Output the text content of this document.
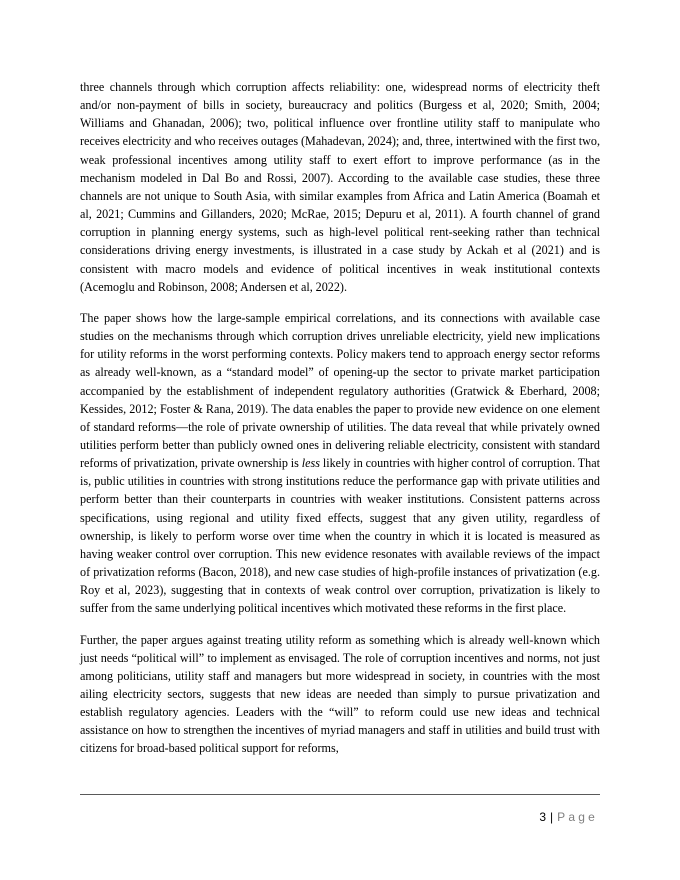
three channels through which corruption affects reliability: one, widespread norms of electricity theft and/or non-payment of bills in society, bureaucracy and politics (Burgess et al, 2020; Smith, 2004; Williams and Ghanadan, 2006); two, political influence over frontline utility staff to manipulate who receives electricity and who receives outages (Mahadevan, 2024); and, three, intertwined with the first two, weak professional incentives among utility staff to exert effort to improve performance (as in the mechanism modeled in Dal Bo and Rossi, 2007). According to the available case studies, these three channels are not unique to South Asia, with similar examples from Africa and Latin America (Boamah et al, 2021; Cummins and Gillanders, 2020; McRae, 2015; Depuru et al, 2011). A fourth channel of grand corruption in planning energy systems, such as high-level political rent-seeking rather than technical considerations driving energy investments, is illustrated in a case study by Ackah et al (2021) and is consistent with macro models and evidence of political incentives in weak institutional contexts (Acemoglu and Robinson, 2008; Andersen et al, 2022).

The paper shows how the large-sample empirical correlations, and its connections with available case studies on the mechanisms through which corruption drives unreliable electricity, yield new implications for utility reforms in the worst performing contexts. Policy makers tend to approach energy sector reforms as already well-known, as a “standard model” of opening-up the sector to private market participation accompanied by the establishment of independent regulatory authorities (Gratwick & Eberhard, 2008; Kessides, 2012; Foster & Rana, 2019). The data enables the paper to provide new evidence on one element of standard reforms—the role of private ownership of utilities. The data reveal that while privately owned utilities perform better than publicly owned ones in delivering reliable electricity, consistent with standard reforms of privatization, private ownership is less likely in countries with higher control of corruption. That is, public utilities in countries with strong institutions reduce the performance gap with private utilities and perform better than their counterparts in countries with weaker institutions. Consistent patterns across specifications, using regional and utility fixed effects, suggest that any given utility, regardless of ownership, is likely to perform worse over time when the country in which it is located is measured as having weaker control over corruption. This new evidence resonates with available reviews of the impact of privatization reforms (Bacon, 2018), and new case studies of high-profile instances of privatization (e.g. Roy et al, 2023), suggesting that in contexts of weak control over corruption, privatization is likely to suffer from the same underlying political incentives which motivated these reforms in the first place.

Further, the paper argues against treating utility reform as something which is already well-known which just needs “political will” to implement as envisaged. The role of corruption incentives and norms, not just among politicians, utility staff and managers but more widespread in society, in countries with the most ailing electricity sectors, suggests that new ideas are needed than simply to pursue privatization and establish regulatory agencies. Leaders with the “will” to reform could use new ideas and technical assistance on how to strengthen the incentives of myriad managers and staff in utilities and build trust with citizens for broad-based political support for reforms,

3 | Page
